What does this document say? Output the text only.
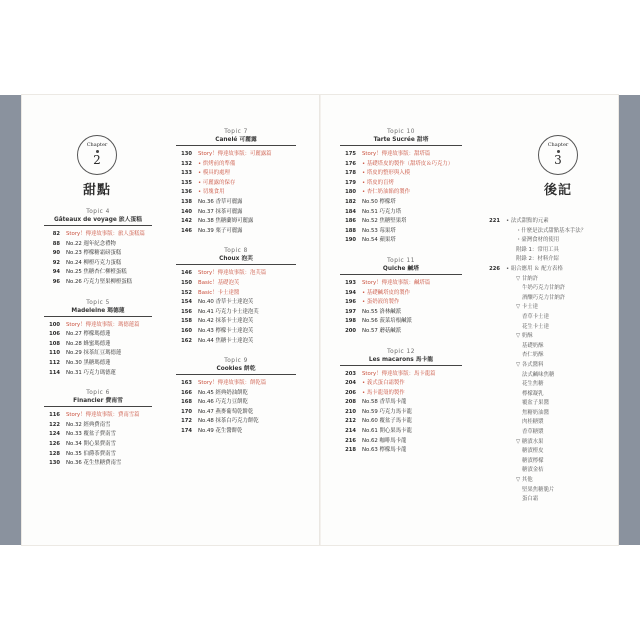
Chapter
2
甜點
Chapter
3
後記
Topic 4
Gâteaux de voyage 旅人蛋糕
82 Story！傳達故事版：旅人蛋糕篇
88 No.22 週年紀念禮物
90 No.23 檸檬糖霜磅蛋糕
92 No.24 柳橙巧克力蛋糕
94 No.25 焦糖杏仁柳橙蛋糕
96 No.26 巧克力堅果柳橙蛋糕
Topic 5
Madeleine 瑪德蓮
100 Story！傳達故事版：瑪德蓮篇
106 No.27 檸檬瑪德蓮
108 No.28 蜂蜜瑪德蓮
110 No.29 抹茶紅豆瑪德蓮
112 No.30 黑糖瑪德蓮
114 No.31 巧克力瑪德蓮
Topic 6
Financier 費南雪
116 Story！傳達故事版：費南雪篇
122 No.32 經典費南雪
124 No.33 覆盆子費南雪
126 No.34 開心果費南雪
128 No.35 伯爵茶費南雪
130 No.36 花生焦糖費南雪
Topic 7
Canelé 可麗露
130 Story！傳達故事版：可麗露篇
132 • 烘烤前的準備
133 • 模具的處理
135 • 可麗露的保存
136 • 切塊食用
138 No.36 香草可麗露
140 No.37 抹茶可麗露
142 No.38 焦糖蘭姆可麗露
146 No.39 栗子可麗露
Topic 8
Choux 泡芙
146 Story！傳達故事版：泡芙篇
150 Basic！基礎泡芙
152 Basic！卡士達醬
154 No.40 香草卡士達泡芙
156 No.41 巧克力卡士達泡芙
158 No.42 抹茶卡士達泡芙
160 No.43 檸檬卡士達泡芙
162 No.44 焦糖卡士達泡芙
Topic 9
Cookies 餅乾
163 Story！傳達故事版：餅乾篇
166 No.45 經典奶油餅乾
168 No.46 巧克力豆餅乾
170 No.47 燕麥葡萄乾餅乾
172 No.48 抹茶白巧克力餅乾
174 No.49 花生醬餅乾
Topic 10
Tarte Sucrée 甜塔
175 Story！傳達故事版：甜塔篇
176 • 基礎塔皮的製作（甜塔皮＆巧克力）
178 • 塔皮的整形與入模
179 • 塔皮的盲烤
180 • 杏仁奶油餡的製作
182 No.50 檸檬塔
184 No.51 巧克力塔
186 No.52 焦糖堅果塔
188 No.53 莓果塔
190 No.54 蘋果塔
Topic 11
Quiche 鹹塔
193 Story！傳達故事版：鹹塔篇
194 • 基礎鹹塔皮的製作
196 • 蛋奶液的製作
197 No.55 洛林鹹派
198 No.56 菠菜培根鹹派
200 No.57 蘑菇鹹派
Topic 12
Les macarons 馬卡龍
203 Story！傳達故事版：馬卡龍篇
204 • 義式蛋白霜製作
206 • 馬卡龍殼的製作
208 No.58 香草馬卡龍
210 No.59 巧克力馬卡龍
212 No.60 覆盆子馬卡龍
214 No.61 開心果馬卡龍
216 No.62 咖啡馬卡龍
218 No.63 檸檬馬卡龍
221 • 法式甜點的元素
・什麼是法式甜點基本手法？
・臺灣食材的使用
附錄 1：常用工具
附錄 2：材料介紹
226 • 組合應用 ＆ 配方表格
▽ 甘納許
牛奶巧克力甘納許
酒釀巧克力甘納許
▽ 卡士達
香草卡士達
花生卡士達
▽ 奶酥
基礎奶酥
杏仁奶酥
▽ 各式醬料
法式鹹味焦糖
花生焦糖
檸檬凝乳
覆盆子果醬
焦糖奶油醬
肉桂糖漿
香草糖漿
▽ 糖漬水果
糖漬橙皮
糖漬檸檬
糖漬金桔
▽ 其他
堅果焦糖脆片
蛋白霜
